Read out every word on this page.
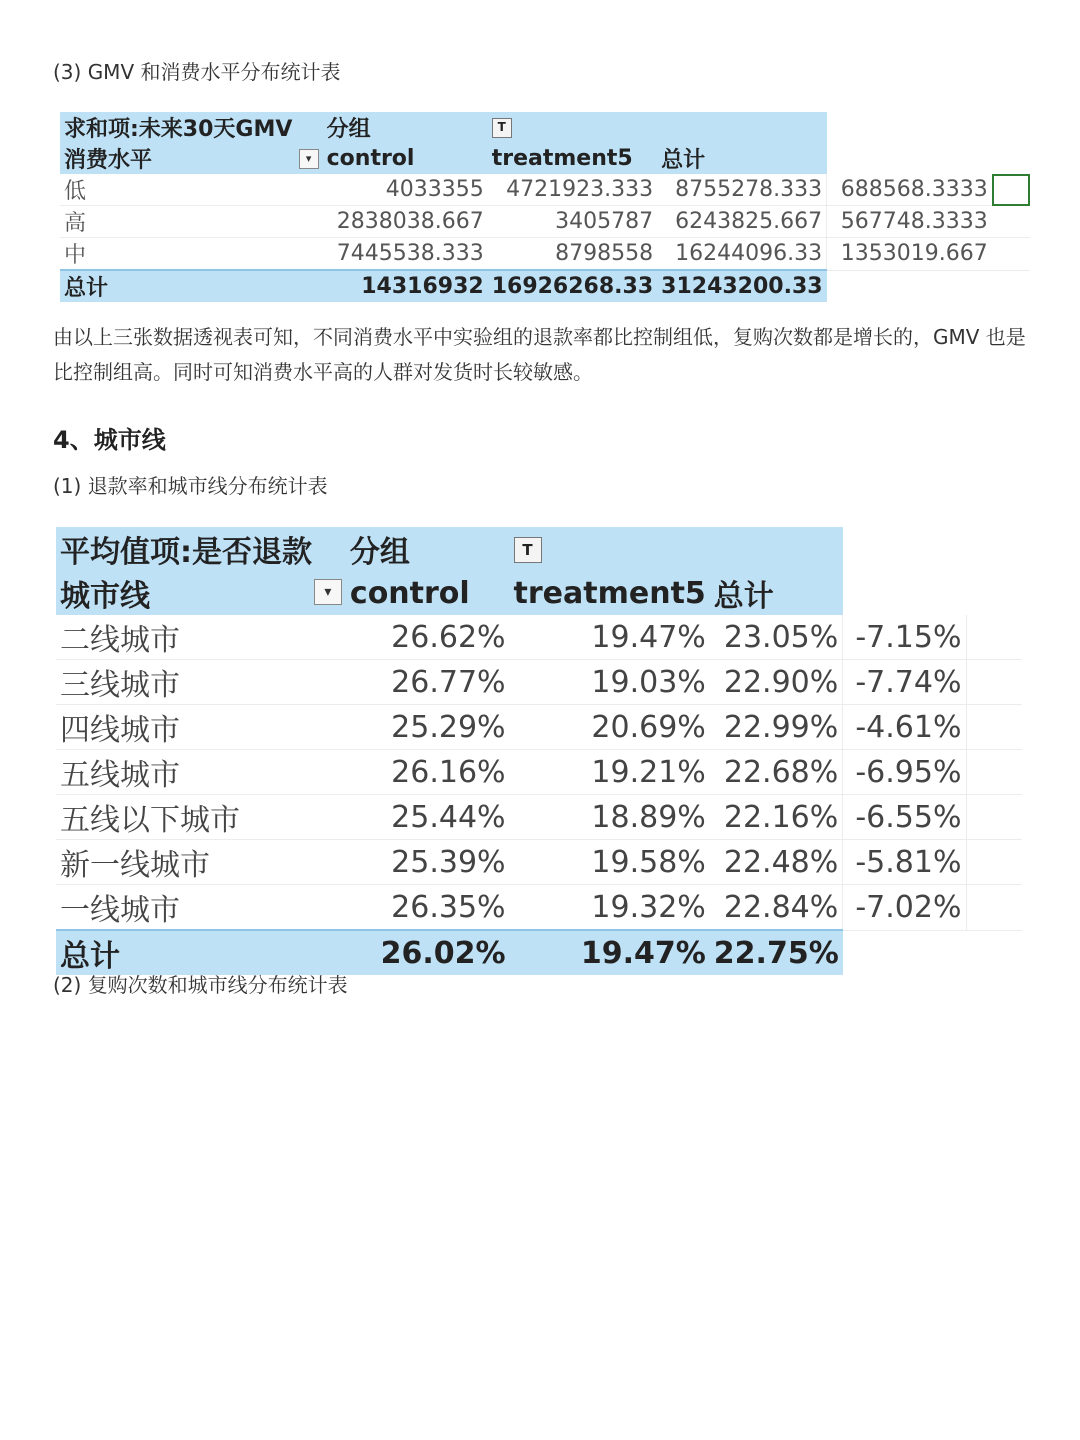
(3) GMV 和消费水平分布统计表
求和项:未来30天GMV	分组	T			
消费水平 ▾	control	treatment5	总计		
低	4033355	4721923.333	8755278.333	688568.3333	
高	2838038.667	3405787	6243825.667	567748.3333	
中	7445538.333	8798558	16244096.33	1353019.667	
总计	14316932	16926268.33	31243200.33		
由以上三张数据透视表可知，不同消费水平中实验组的退款率都比控制组低，复购次数都是增长的，GMV 也是比控制组高。同时可知消费水平高的人群对发货时长较敏感。
4、城市线
(1) 退款率和城市线分布统计表
平均值项:是否退款	分组	T			
城市线 ▾	control	treatment5	总计		
二线城市	26.62%	19.47%	23.05%	-7.15%	
三线城市	26.77%	19.03%	22.90%	-7.74%	
四线城市	25.29%	20.69%	22.99%	-4.61%	
五线城市	26.16%	19.21%	22.68%	-6.95%	
五线以下城市	25.44%	18.89%	22.16%	-6.55%	
新一线城市	25.39%	19.58%	22.48%	-5.81%	
一线城市	26.35%	19.32%	22.84%	-7.02%	
总计	26.02%	19.47%	22.75%		
(2) 复购次数和城市线分布统计表
